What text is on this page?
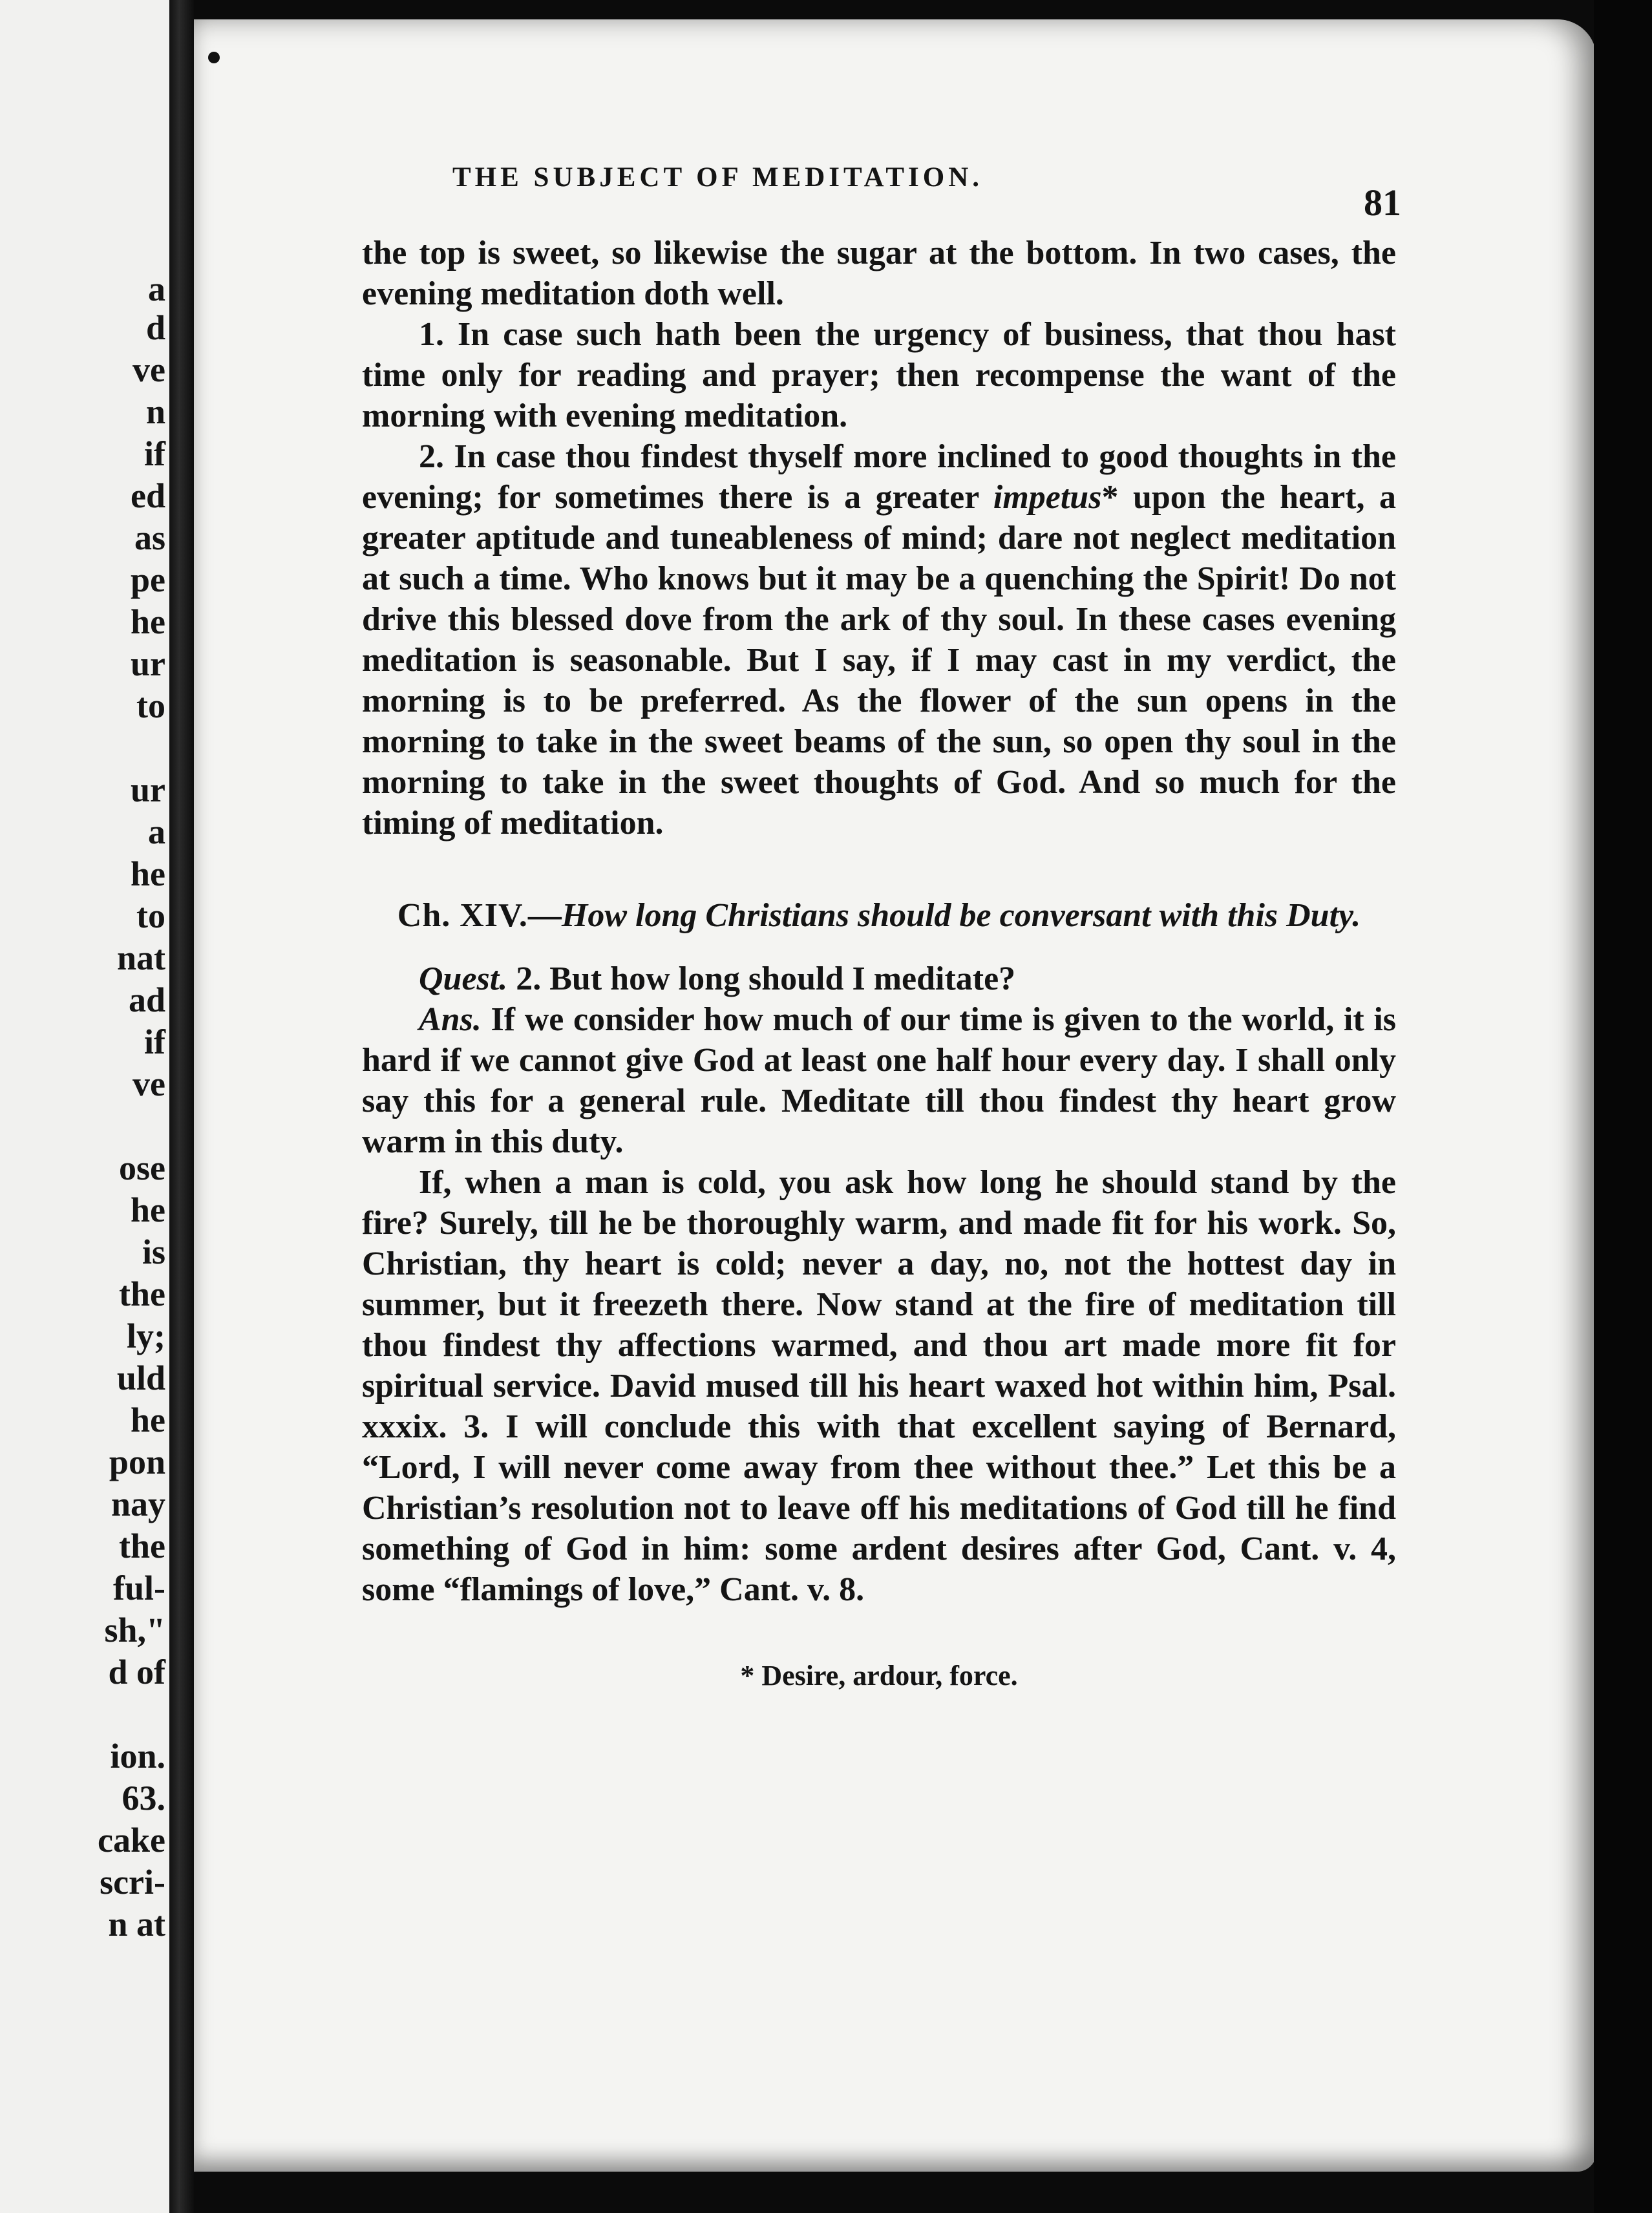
a
d
ve
n
if
ed
as
pe
he
ur
to
ur
a
he
to
nat
ad
if
ve
ose
he
is
the
ly;
uld
he
pon
nay
the
ful-
sh,"
d of
ion.
63.
cake
scri-
n at
THE SUBJECT OF MEDITATION.
81

the top is sweet, so likewise the sugar at the bottom. In two cases, the evening meditation doth well.

1. In case such hath been the urgency of business, that thou hast time only for reading and prayer; then recompense the want of the morning with evening meditation.

2. In case thou findest thyself more inclined to good thoughts in the evening; for sometimes there is a greater impetus* upon the heart, a greater aptitude and tuneableness of mind; dare not neglect meditation at such a time. Who knows but it may be a quenching the Spirit! Do not drive this blessed dove from the ark of thy soul. In these cases evening meditation is seasonable. But I say, if I may cast in my verdict, the morning is to be preferred. As the flower of the sun opens in the morning to take in the sweet beams of the sun, so open thy soul in the morning to take in the sweet thoughts of God. And so much for the timing of meditation.

Ch. XIV.—How long Christians should be conversant with this Duty.

Quest. 2. But how long should I meditate?

Ans. If we consider how much of our time is given to the world, it is hard if we cannot give God at least one half hour every day. I shall only say this for a general rule. Meditate till thou findest thy heart grow warm in this duty.

If, when a man is cold, you ask how long he should stand by the fire? Surely, till he be thoroughly warm, and made fit for his work. So, Christian, thy heart is cold; never a day, no, not the hottest day in summer, but it freezeth there. Now stand at the fire of meditation till thou findest thy affections warmed, and thou art made more fit for spiritual service. David mused till his heart waxed hot within him, Psal. xxxix. 3. I will conclude this with that excellent saying of Bernard, “Lord, I will never come away from thee without thee.” Let this be a Christian’s resolution not to leave off his meditations of God till he find something of God in him: some ardent desires after God, Cant. v. 4, some “flamings of love,” Cant. v. 8.

* Desire, ardour, force.
